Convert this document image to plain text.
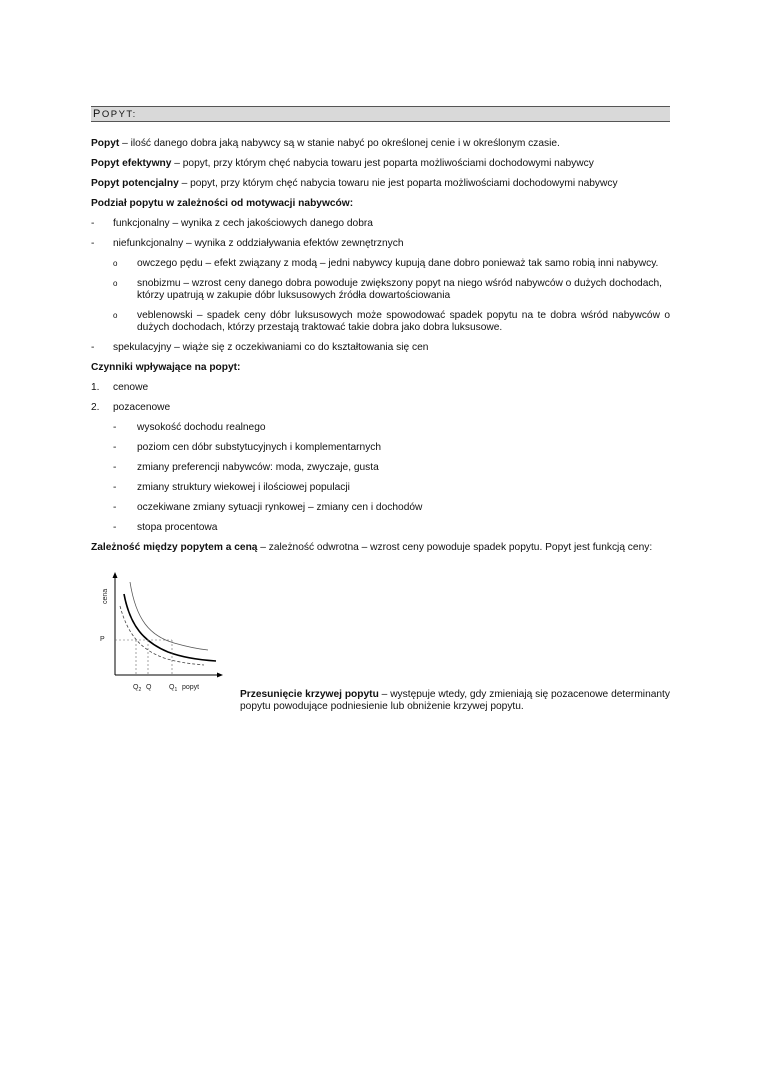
POPYT:

Popyt – ilość danego dobra jaką nabywcy są w stanie nabyć po określonej cenie i w określonym czasie.

Popyt efektywny – popyt, przy którym chęć nabycia towaru jest poparta możliwościami dochodowymi nabywcy

Popyt potencjalny – popyt, przy którym chęć nabycia towaru nie jest poparta możliwościami dochodowymi nabywcy

Podział popytu w zależności od motywacji nabywców:

-	funkcjonalny – wynika z cech jakościowych danego dobra
-	niefunkcjonalny – wynika z oddziaływania efektów zewnętrznych
o	owczego pędu – efekt związany z modą – jedni nabywcy kupują dane dobro ponieważ tak samo robią inni nabywcy.
o	snobizmu – wzrost ceny danego dobra powoduje zwiększony popyt na niego wśród nabywców o dużych dochodach, którzy upatrują w zakupie dóbr luksusowych źródła dowartościowania
o	veblenowski – spadek ceny dóbr luksusowych może spowodować spadek popytu na te dobra wśród nabywców o dużych dochodach, którzy przestają traktować takie dobra jako dobra luksusowe.
-	spekulacyjny – wiąże się z oczekiwaniami co do kształtowania się cen

Czynniki wpływające na popyt:

1.	cenowe
2.	pozacenowe
-	wysokość dochodu realnego
-	poziom cen dóbr substytucyjnych i komplementarnych
-	zmiany preferencji nabywców: moda, zwyczaje, gusta
-	zmiany struktury wiekowej i ilościowej populacji
-	oczekiwane zmiany sytuacji rynkowej – zmiany cen i dochodów
-	stopa procentowa

Zależność między popytem a ceną – zależność odwrotna – wzrost ceny powoduje spadek popytu. Popyt jest funkcją ceny:

cena
P
$Q_2$ Q	$Q_1$ popyt

Przesunięcie krzywej popytu – występuje wtedy, gdy zmieniają się pozacenowe determinanty popytu powodujące podniesienie lub obniżenie krzywej popytu.
